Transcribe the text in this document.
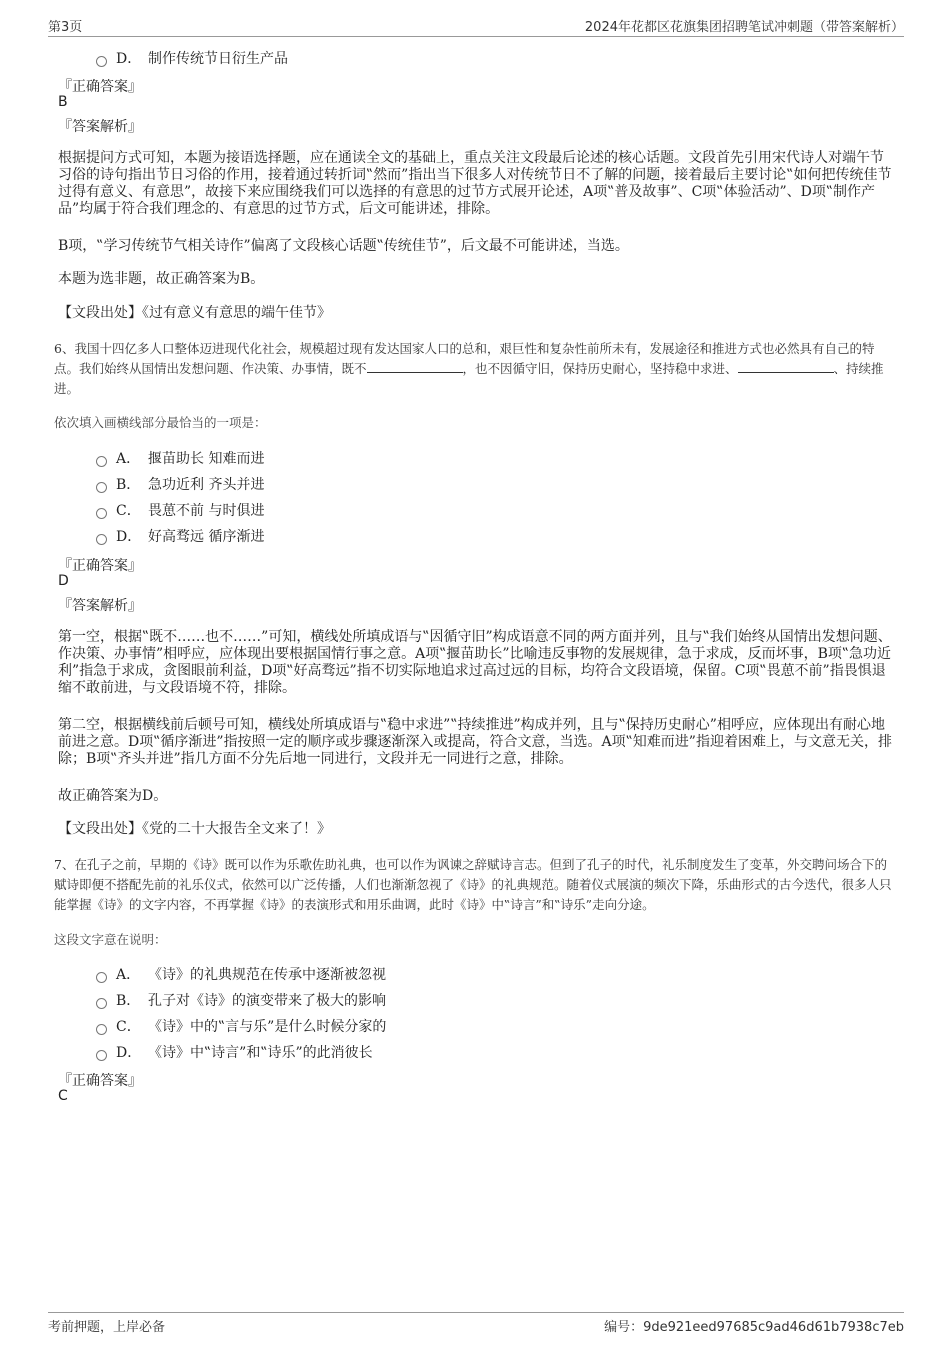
第3页	2024年花都区花旗集团招聘笔试冲刺题（带答案解析）
D． 制作传统节日衍生产品
『正确答案』
B
『答案解析』
根据提问方式可知，本题为接语选择题，应在通读全文的基础上，重点关注文段最后论述的核心话题。文段首先引用宋代诗人对端午节习俗的诗句指出节日习俗的作用，接着通过转折词‟然而”指出当下很多人对传统节日不了解的问题，接着最后主要讨论‟如何把传统佳节过得有意义、有意思”，故接下来应围绕我们可以选择的有意思的过节方式展开论述，A项‟普及故事”、C项‟体验活动”、D项‟制作产品”均属于符合我们理念的、有意思的过节方式，后文可能讲述，排除。
B项，‟学习传统节气相关诗作”偏离了文段核心话题‟传统佳节”，后文最不可能讲述，当选。
本题为选非题，故正确答案为B。
【文段出处】《过有意义有意思的端午佳节》
6、我国十四亿多人口整体迈进现代化社会，规模超过现有发达国家人口的总和，艰巨性和复杂性前所未有，发展途径和推进方式也必然具有自己的特点。我们始终从国情出发想问题、作决策、办事情，既不	，也不因循守旧，保持历史耐心，坚持稳中求进、	、持续推进。
依次填入画横线部分最恰当的一项是：
A． 揠苗助长 知难而进
B． 急功近利 齐头并进
C． 畏葸不前 与时俱进
D． 好高骛远 循序渐进
『正确答案』
D
『答案解析』
第一空，根据‟既不……也不……”可知，横线处所填成语与‟因循守旧”构成语意不同的两方面并列，且与‟我们始终从国情出发想问题、作决策、办事情”相呼应，应体现出要根据国情行事之意。A项‟揠苗助长”比喻违反事物的发展规律，急于求成，反而坏事，B项‟急功近利”指急于求成，贪图眼前利益，D项‟好高骛远”指不切实际地追求过高过远的目标，均符合文段语境，保留。C项‟畏葸不前”指畏惧退缩不敢前进，与文段语境不符，排除。
第二空，根据横线前后顿号可知，横线处所填成语与‟稳中求进”‟持续推进”构成并列，且与‟保持历史耐心”相呼应，应体现出有耐心地前进之意。D项‟循序渐进”指按照一定的顺序或步骤逐渐深入或提高，符合文意，当选。A项‟知难而进”指迎着困难上，与文意无关，排除；B项‟齐头并进”指几方面不分先后地一同进行，文段并无一同进行之意，排除。
故正确答案为D。
【文段出处】《党的二十大报告全文来了！》
7、在孔子之前，早期的《诗》既可以作为乐歌佐助礼典，也可以作为讽谏之辞赋诗言志。但到了孔子的时代，礼乐制度发生了变革，外交聘问场合下的赋诗即便不搭配先前的礼乐仪式，依然可以广泛传播，人们也渐渐忽视了《诗》的礼典规范。随着仪式展演的频次下降，乐曲形式的古今迭代，很多人只能掌握《诗》的文字内容，不再掌握《诗》的表演形式和用乐曲调，此时《诗》中‟诗言”和‟诗乐”走向分途。
这段文字意在说明：
A． 《诗》的礼典规范在传承中逐渐被忽视
B． 孔子对《诗》的演变带来了极大的影响
C． 《诗》中的‟言与乐”是什么时候分家的
D． 《诗》中‟诗言”和‟诗乐”的此消彼长
『正确答案』
C
考前押题，上岸必备	编号：9de921eed97685c9ad46d61b7938c7eb
